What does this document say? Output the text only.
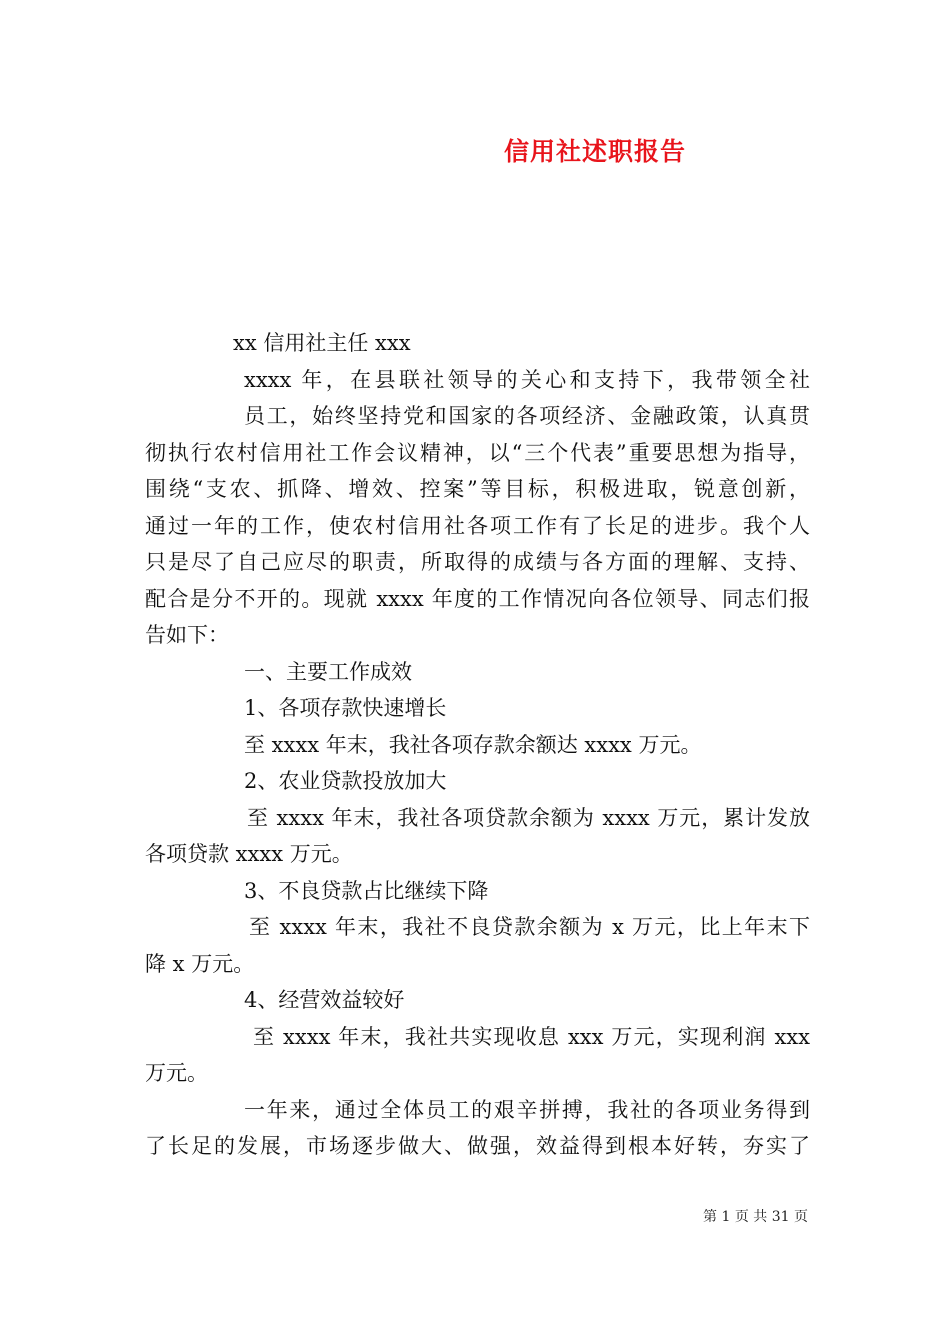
信用社述职报告
xx 信用社主任 xxx
xxxx 年，在县联社领导的关心和支持下，我带领全社
员工，始终坚持党和国家的各项经济、金融政策，认真贯
彻执行农村信用社工作会议精神，以“三个代表”重要思想为指导，
围绕“支农、抓降、增效、控案”等目标，积极进取，锐意创新，
通过一年的工作，使农村信用社各项工作有了长足的进步。我个人
只是尽了自己应尽的职责，所取得的成绩与各方面的理解、支持、
配合是分不开的。现就 xxxx 年度的工作情况向各位领导、同志们报
告如下：
一、主要工作成效
1、各项存款快速增长
至 xxxx 年末，我社各项存款余额达 xxxx 万元。
2、农业贷款投放加大
至 xxxx 年末，我社各项贷款余额为 xxxx 万元，累计发放
各项贷款 xxxx 万元。
3、不良贷款占比继续下降
至 xxxx 年末，我社不良贷款余额为 x 万元，比上年末下
降 x 万元。
4、经营效益较好
至 xxxx 年末，我社共实现收息 xxx 万元，实现利润 xxx
万元。
一年来，通过全体员工的艰辛拼搏，我社的各项业务得到
了长足的发展，市场逐步做大、做强，效益得到根本好转，夯实了
第 1 页 共 31 页
